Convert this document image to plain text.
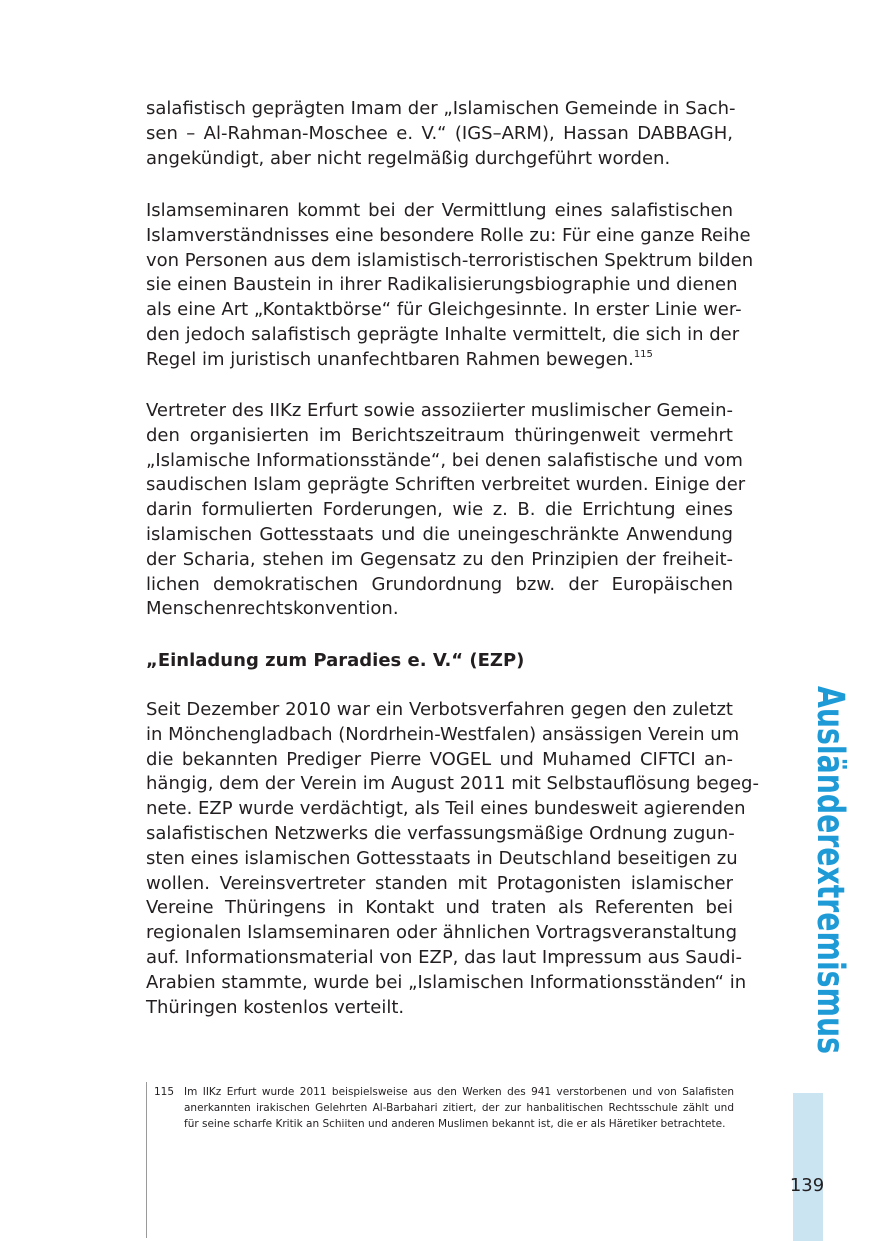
salafistisch geprägten Imam der „Islamischen Gemeinde in Sach-
sen – Al-Rahman-Moschee e. V.“ (IGS–ARM), Hassan DABBAGH,
angekündigt, aber nicht regelmäßig durchgeführt worden.
Islamseminaren kommt bei der Vermittlung eines salafistischen
Islamverständnisses eine besondere Rolle zu: Für eine ganze Reihe
von Personen aus dem islamistisch-terroristischen Spektrum bilden
sie einen Baustein in ihrer Radikalisierungsbiographie und dienen
als eine Art „Kontaktbörse“ für Gleichgesinnte. In erster Linie wer-
den jedoch salafistisch geprägte Inhalte vermittelt, die sich in der
Regel im juristisch unanfechtbaren Rahmen bewegen.$^{115}$
Vertreter des IIKz Erfurt sowie assoziierter muslimischer Gemein-
den organisierten im Berichtszeitraum thüringenweit vermehrt
„Islamische Informationsstände“, bei denen salafistische und vom
saudischen Islam geprägte Schriften verbreitet wurden. Einige der
darin formulierten Forderungen, wie z. B. die Errichtung eines
islamischen Gottesstaats und die uneingeschränkte Anwendung
der Scharia, stehen im Gegensatz zu den Prinzipien der freiheit-
lichen demokratischen Grundordnung bzw. der Europäischen
Menschenrechtskonvention.
„Einladung zum Paradies e. V.“ (EZP)
Seit Dezember 2010 war ein Verbotsverfahren gegen den zuletzt
in Mönchengladbach (Nordrhein-Westfalen) ansässigen Verein um
die bekannten Prediger Pierre VOGEL und Muhamed CIFTCI an-
hängig, dem der Verein im August 2011 mit Selbstauflösung begeg-
nete. EZP wurde verdächtigt, als Teil eines bundesweit agierenden
salafistischen Netzwerks die verfassungsmäßige Ordnung zugun-
sten eines islamischen Gottesstaats in Deutschland beseitigen zu
wollen. Vereinsvertreter standen mit Protagonisten islamischer
Vereine Thüringens in Kontakt und traten als Referenten bei
regionalen Islamseminaren oder ähnlichen Vortragsveranstaltung
auf. Informationsmaterial von EZP, das laut Impressum aus Saudi-
Arabien stammte, wurde bei „Islamischen Informationsständen“ in
Thüringen kostenlos verteilt.
115 Im IIKz Erfurt wurde 2011 beispielsweise aus den Werken des 941 verstorbenen und von Salafisten
anerkannten irakischen Gelehrten Al-Barbahari zitiert, der zur hanbalitischen Rechtsschule zählt und
für seine scharfe Kritik an Schiiten und anderen Muslimen bekannt ist, die er als Häretiker betrachtete. Ausländerextremismus
139
